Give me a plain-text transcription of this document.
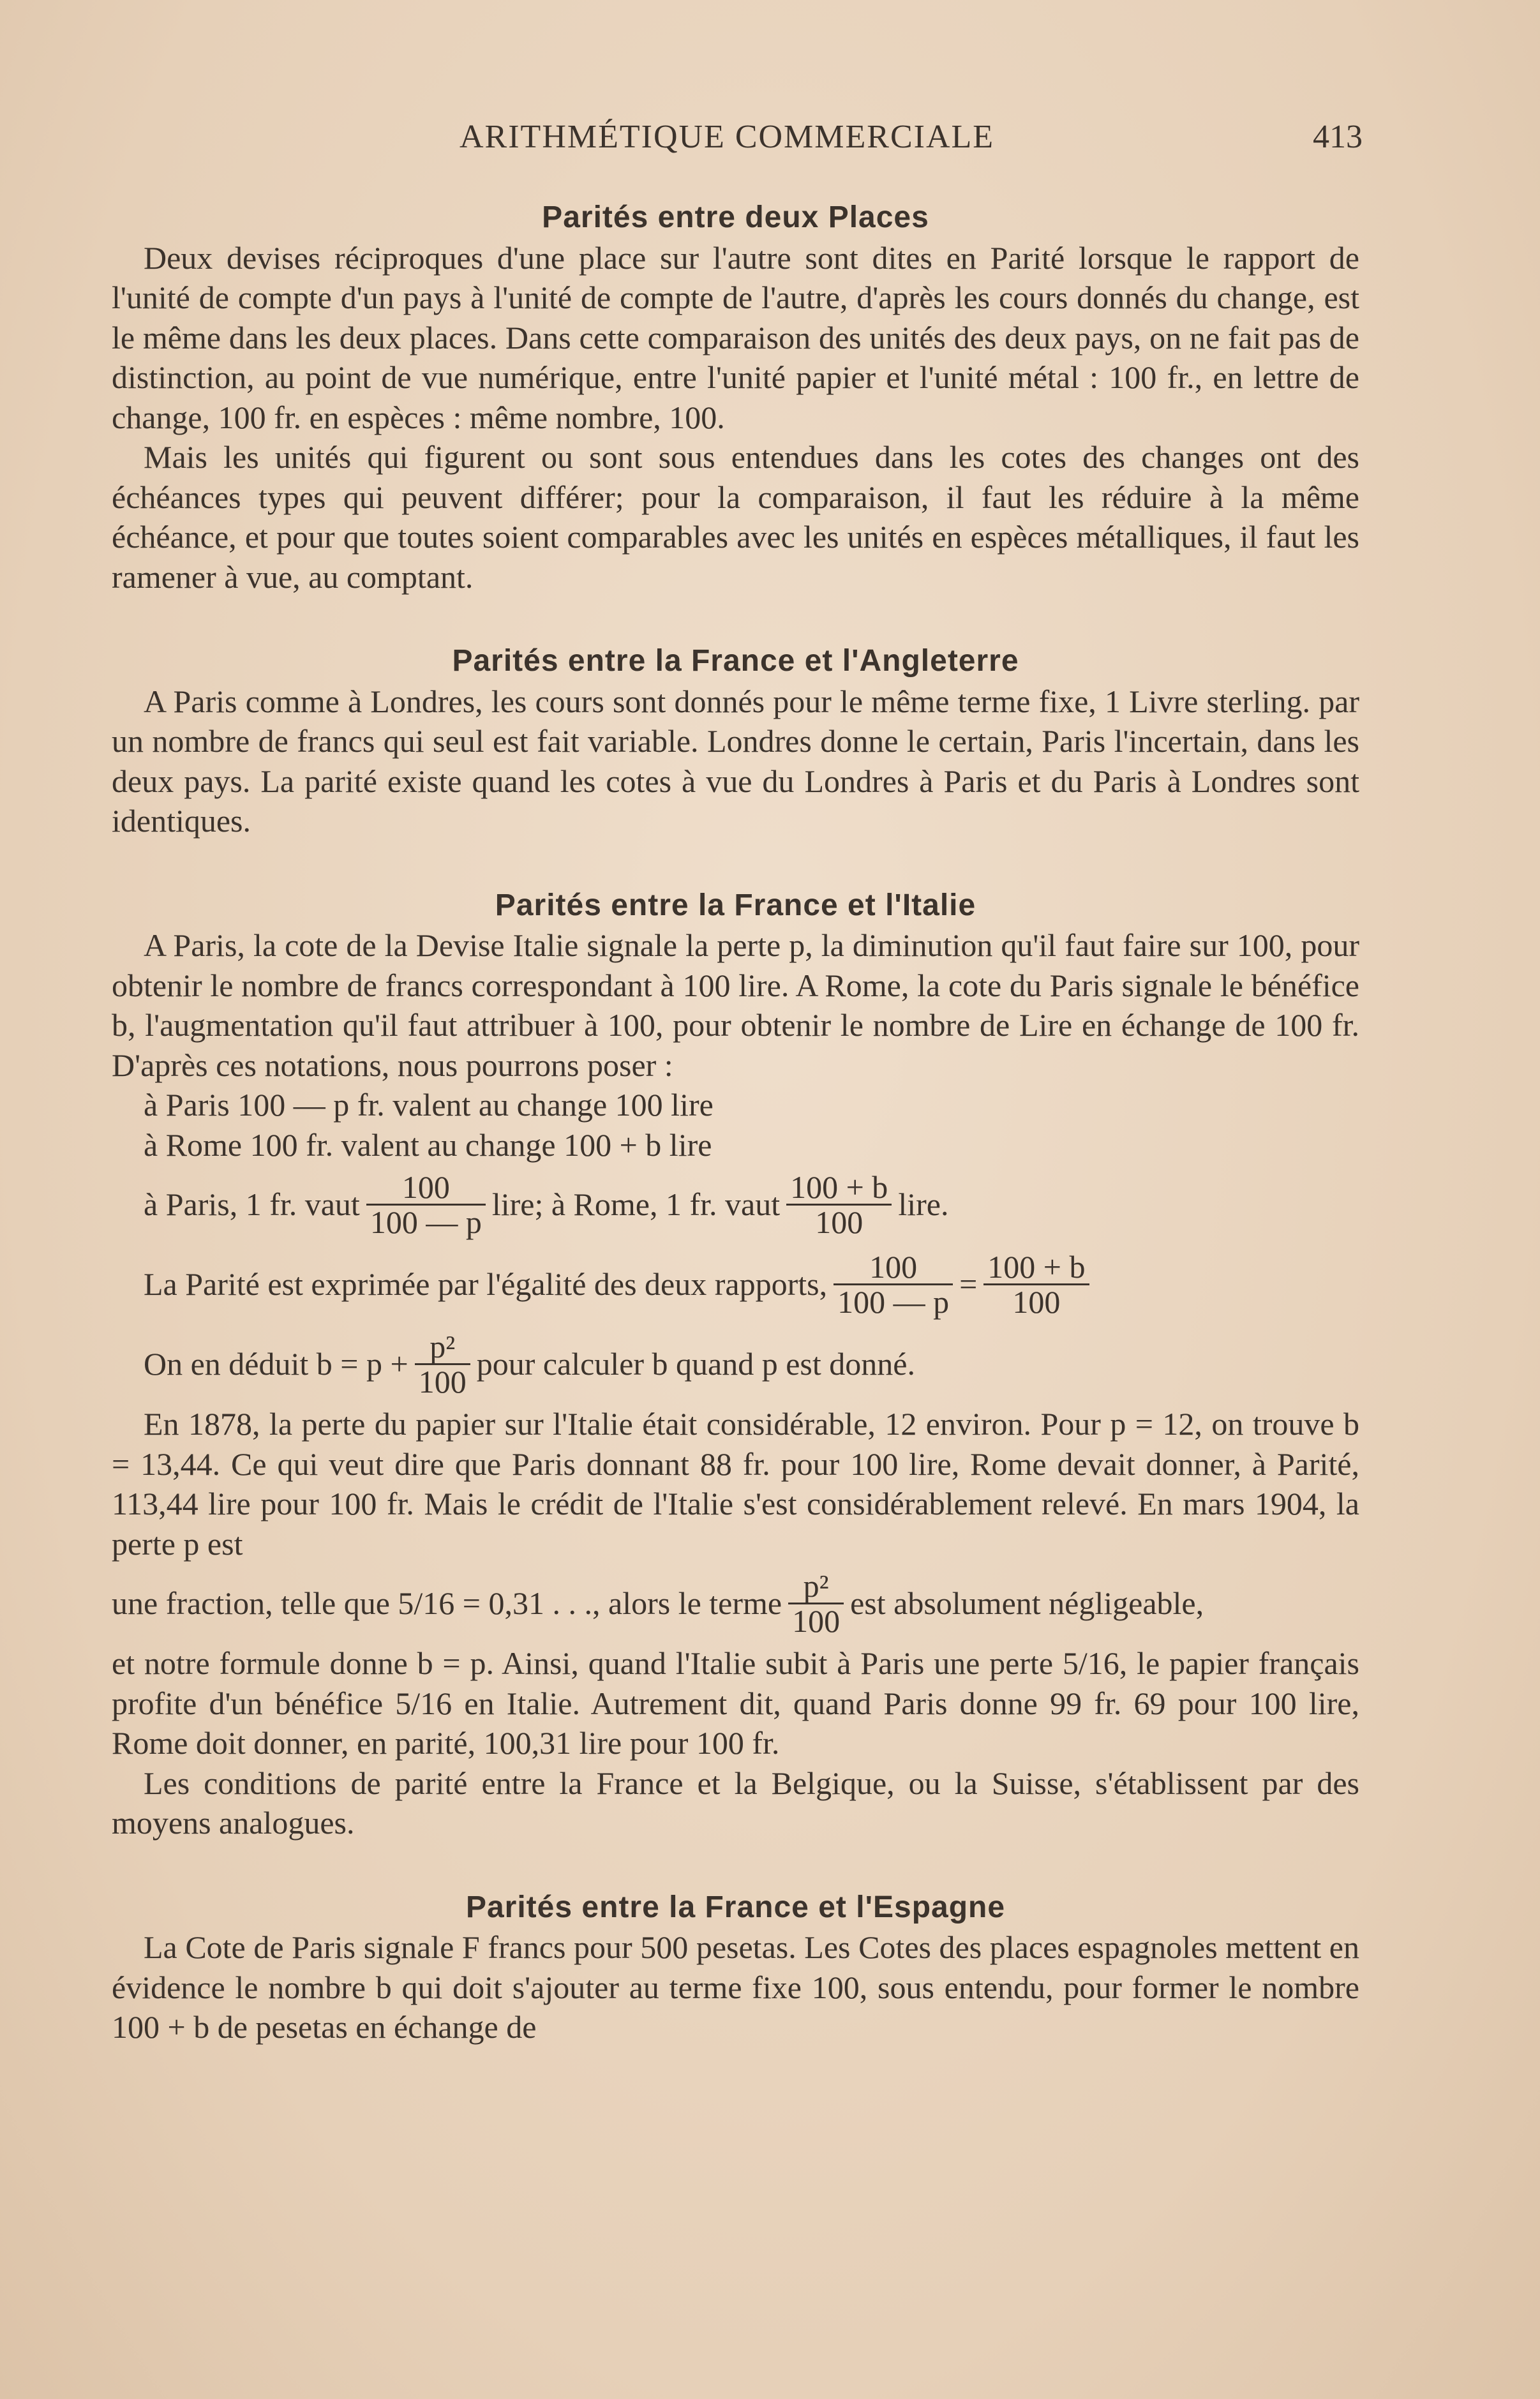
ARITHMÉTIQUE COMMERCIALE	413
Parités entre deux Places

Deux devises réciproques d'une place sur l'autre sont dites en Parité lorsque le rapport de l'unité de compte d'un pays à l'unité de compte de l'autre, d'après les cours donnés du change, est le même dans les deux places. Dans cette comparaison des unités des deux pays, on ne fait pas de distinction, au point de vue numérique, entre l'unité papier et l'unité métal : 100 fr., en lettre de change, 100 fr. en espèces : même nombre, 100.

Mais les unités qui figurent ou sont sous entendues dans les cotes des changes ont des échéances types qui peuvent différer; pour la comparaison, il faut les réduire à la même échéance, et pour que toutes soient comparables avec les unités en espèces métalliques, il faut les ramener à vue, au comptant.

Parités entre la France et l'Angleterre

A Paris comme à Londres, les cours sont donnés pour le même terme fixe, 1 Livre sterling. par un nombre de francs qui seul est fait variable. Londres donne le certain, Paris l'incertain, dans les deux pays. La parité existe quand les cotes à vue du Londres à Paris et du Paris à Londres sont identiques.

Parités entre la France et l'Italie

A Paris, la cote de la Devise Italie signale la perte p, la diminution qu'il faut faire sur 100, pour obtenir le nombre de francs correspondant à 100 lire. A Rome, la cote du Paris signale le bénéfice b, l'augmentation qu'il faut attribuer à 100, pour obtenir le nombre de Lire en échange de 100 fr. D'après ces notations, nous pourrons poser :

à Paris 100 — p fr. valent au change 100 lire
à Rome 100 fr. valent au change 100 + b lire
à Paris, 1 fr. vaut $\frac{100}{100 — p}$ lire; à Rome, 1 fr. vaut $\frac{100 + b}{100}$ lire.
La Parité est exprimée par l'égalité des deux rapports, $\frac{100}{100 — p} = \frac{100 + b}{100}$
On en déduit $b = p + \frac{\text{p²}}{100}$ pour calculer b quand p est donné.

En 1878, la perte du papier sur l'Italie était considérable, 12 environ. Pour p = 12, on trouve b = 13,44. Ce qui veut dire que Paris donnant 88 fr. pour 100 lire, Rome devait donner, à Parité, 113,44 lire pour 100 fr. Mais le crédit de l'Italie s'est considérablement relevé. En mars 1904, la perte p est

une fraction, telle que 5/16 = 0,31 . . ., alors le terme $\frac{\text{p²}}{100}$ est absolument négligeable,

et notre formule donne b = p. Ainsi, quand l'Italie subit à Paris une perte 5/16, le papier français profite d'un bénéfice 5/16 en Italie. Autrement dit, quand Paris donne 99 fr. 69 pour 100 lire, Rome doit donner, en parité, 100,31 lire pour 100 fr.

Les conditions de parité entre la France et la Belgique, ou la Suisse, s'établissent par des moyens analogues.

Parités entre la France et l'Espagne

La Cote de Paris signale F francs pour 500 pesetas. Les Cotes des places espagnoles mettent en évidence le nombre b qui doit s'ajouter au terme fixe 100, sous entendu, pour former le nombre 100 + b de pesetas en échange de
